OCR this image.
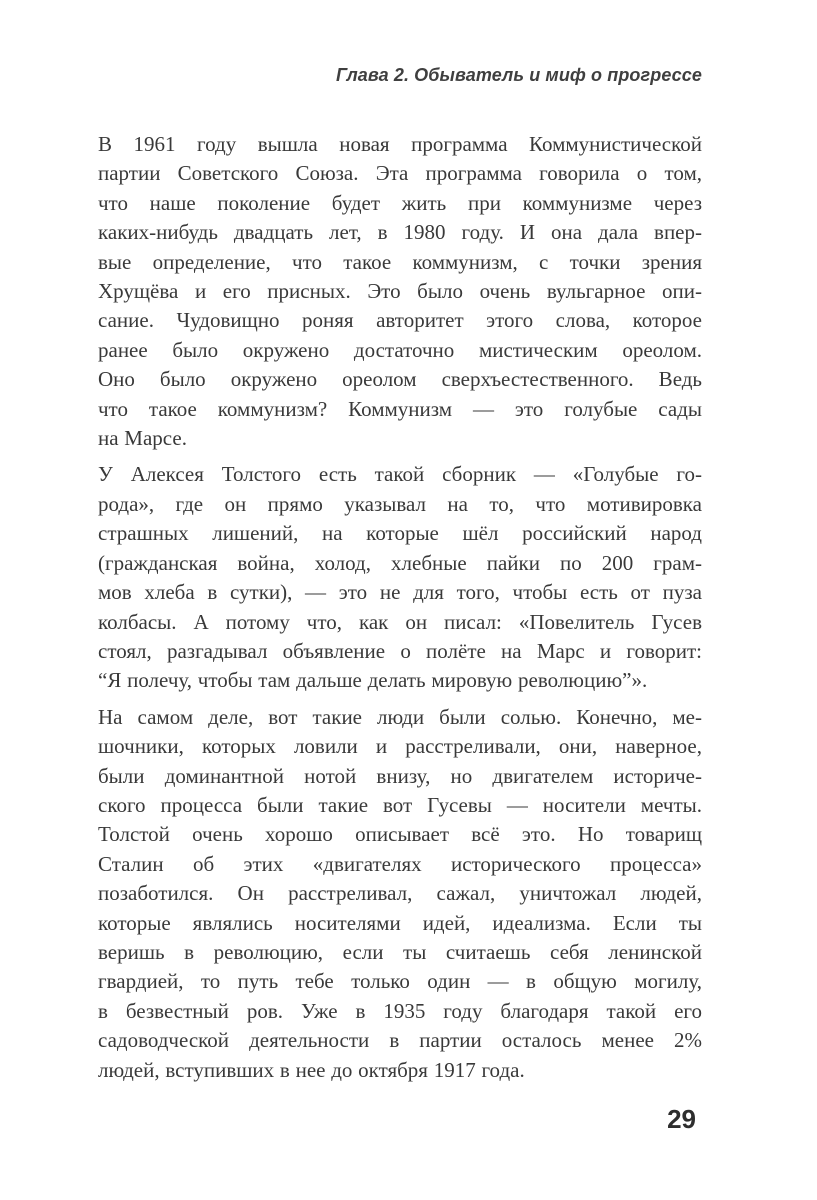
Глава 2. Обыватель и миф о прогрессе
В 1961 году вышла новая программа Коммунистической
партии Советского Союза. Эта программа говорила о том,
что наше поколение будет жить при коммунизме через
каких-нибудь двадцать лет, в 1980 году. И она дала впер-
вые определение, что такое коммунизм, с точки зрения
Хрущёва и его присных. Это было очень вульгарное опи-
сание. Чудовищно роняя авторитет этого слова, которое
ранее было окружено достаточно мистическим ореолом.
Оно было окружено ореолом сверхъестественного. Ведь
что такое коммунизм? Коммунизм — это голубые сады
на Марсе.
У Алексея Толстого есть такой сборник — «Голубые го-
рода», где он прямо указывал на то, что мотивировка
страшных лишений, на которые шёл российский народ
(гражданская война, холод, хлебные пайки по 200 грам-
мов хлеба в сутки), — это не для того, чтобы есть от пуза
колбасы. А потому что, как он писал: «Повелитель Гусев
стоял, разгадывал объявление о полёте на Марс и говорит:
“Я полечу, чтобы там дальше делать мировую революцию”».
На самом деле, вот такие люди были солью. Конечно, ме-
шочники, которых ловили и расстреливали, они, наверное,
были доминантной нотой внизу, но двигателем историче-
ского процесса были такие вот Гусевы — носители мечты.
Толстой очень хорошо описывает всё это. Но товарищ
Сталин об этих «двигателях исторического процесса»
позаботился. Он расстреливал, сажал, уничтожал людей,
которые являлись носителями идей, идеализма. Если ты
веришь в революцию, если ты считаешь себя ленинской
гвардией, то путь тебе только один — в общую могилу,
в безвестный ров. Уже в 1935 году благодаря такой его
садоводческой деятельности в партии осталось менее 2%
людей, вступивших в нее до октября 1917 года.
29
